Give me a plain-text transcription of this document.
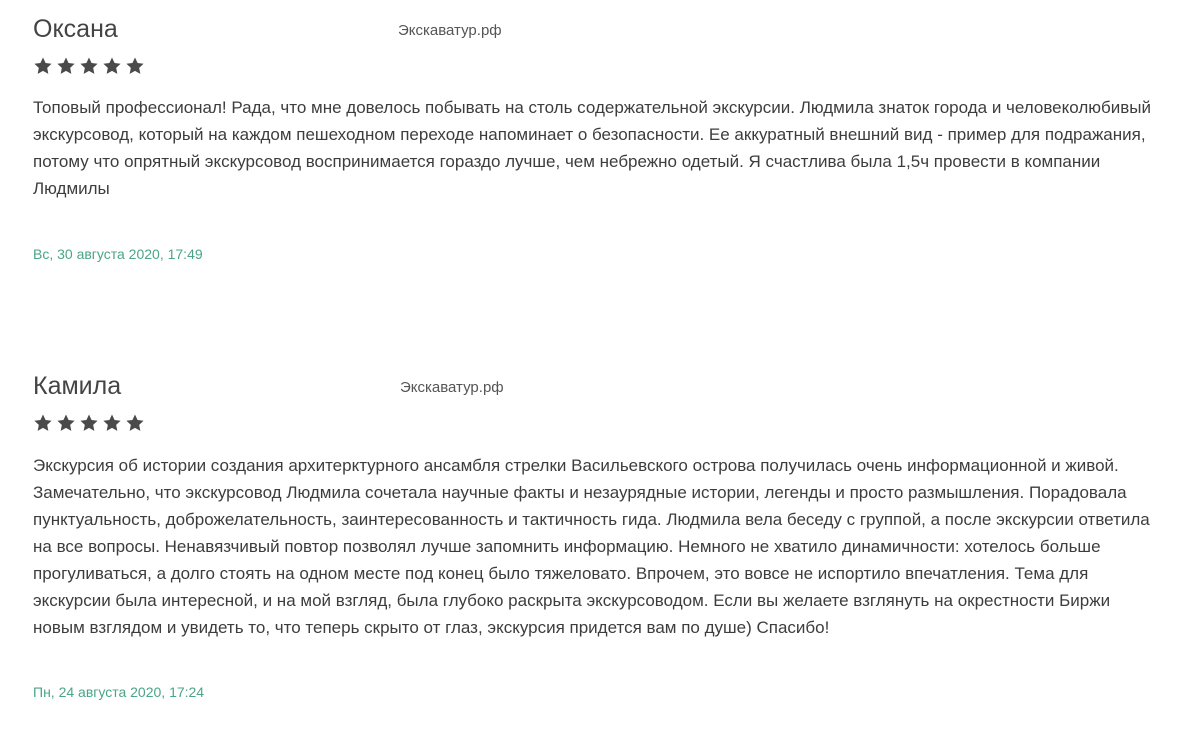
Оксана	Экскаватур.рф

Топовый профессионал! Рада, что мне довелось побывать на столь содержательной экскурсии. Людмила знаток города и человеколюбивый экскурсовод, который на каждом пешеходном переходе напоминает о безопасности. Ее аккуратный внешний вид - пример для подражания, потому что опрятный экскурсовод воспринимается гораздо лучше, чем небрежно одетый. Я счастлива была 1,5ч провести в компании Людмилы

Вс, 30 августа 2020, 17:49
Камила	Экскаватур.рф

Экскурсия об истории создания архитерктурного ансамбля стрелки Васильевского острова получилась очень информационной и живой. Замечательно, что экскурсовод Людмила сочетала научные факты и незаурядные истории, легенды и просто размышления. Порадовала пунктуальность, доброжелательность, заинтересованность и тактичность гида. Людмила вела беседу с группой, а после экскурсии ответила на все вопросы. Ненавязчивый повтор позволял лучше запомнить информацию. Немного не хватило динамичности: хотелось больше прогуливаться, а долго стоять на одном месте под конец было тяжеловато. Впрочем, это вовсе не испортило впечатления. Тема для экскурсии была интересной, и на мой взгляд, была глубоко раскрыта экскурсоводом. Если вы желаете взглянуть на окрестности Биржи новым взглядом и увидеть то, что теперь скрыто от глаз, экскурсия придется вам по душе) Спасибо!

Пн, 24 августа 2020, 17:24
